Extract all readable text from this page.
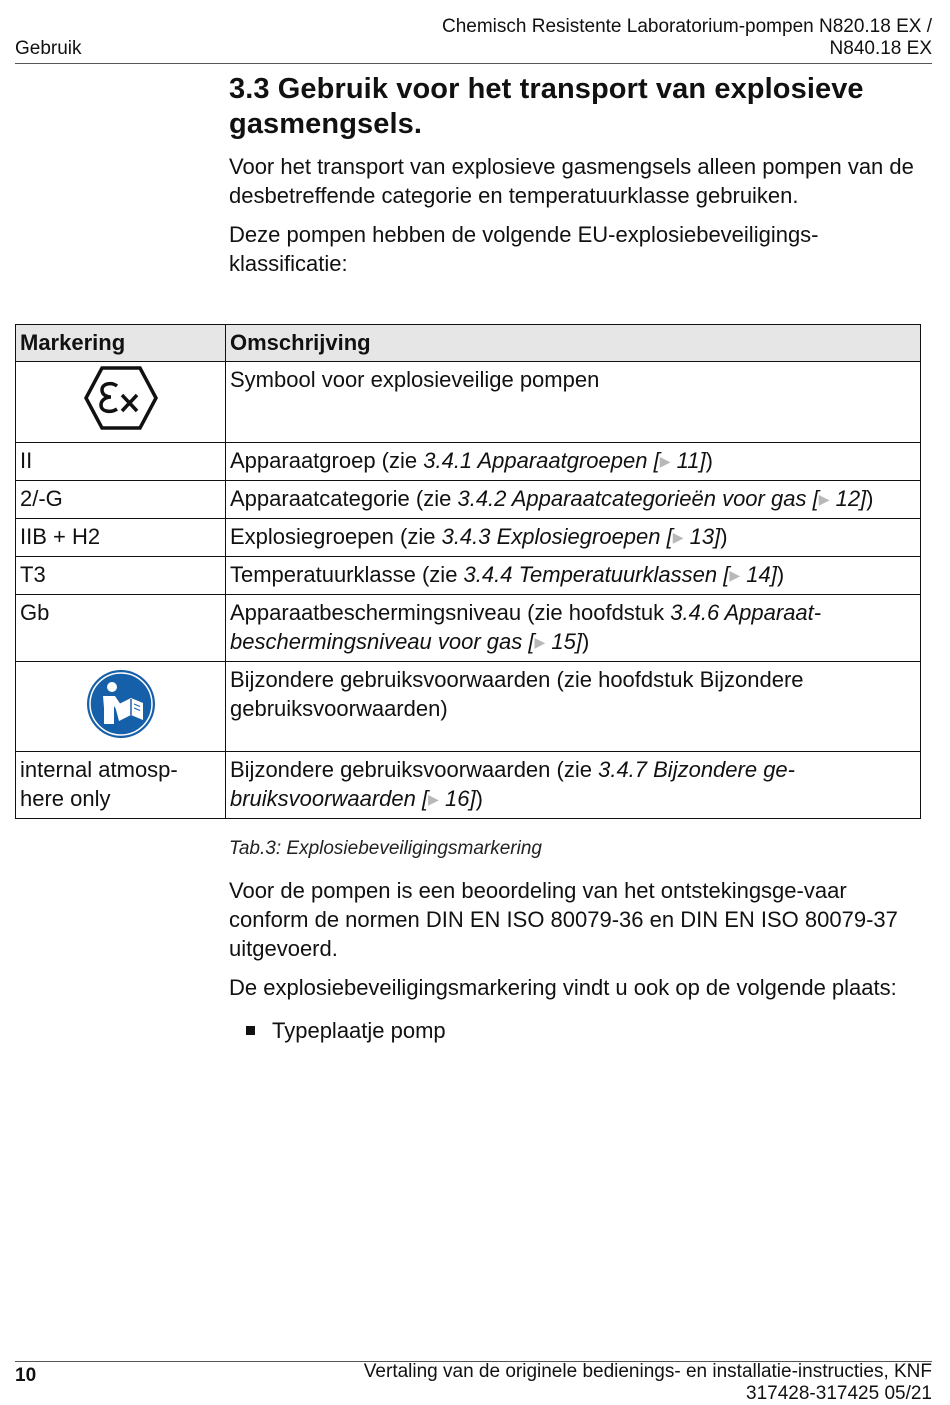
Gebruik
Chemisch Resistente Laboratorium-pompen N820.18 EX /
N840.18 EX
3.3 Gebruik voor het transport van explosieve gasmengsels.

Voor het transport van explosieve gasmengsels alleen pompen van de desbetreffende categorie en temperatuurklasse gebruiken.

Deze pompen hebben de volgende EU-explosiebeveiligings-klassificatie:

Markering	Omschrijving
	Symbool voor explosieveilige pompen
II	Apparaatgroep (zie 3.4.1 Apparaatgroepen [▶ 11])
2/-G	Apparaatcategorie (zie 3.4.2 Apparaatcategorieën voor gas [▶ 12])
IIB + H2	Explosiegroepen (zie 3.4.3 Explosiegroepen [▶ 13])
T3	Temperatuurklasse (zie 3.4.4 Temperatuurklassen [▶ 14])
Gb	Apparaatbeschermingsniveau (zie hoofdstuk 3.4.6 Apparaat-beschermingsniveau voor gas [▶ 15])
	Bijzondere gebruiksvoorwaarden (zie hoofdstuk Bijzondere gebruiksvoorwaarden)
internal atmosp-here only	Bijzondere gebruiksvoorwaarden (zie 3.4.7 Bijzondere ge-bruiksvoorwaarden [▶ 16])
Tab.3: Explosiebeveiligingsmarkering

Voor de pompen is een beoordeling van het ontstekingsge-vaar conform de normen DIN EN ISO 80079-36 en DIN EN ISO 80079-37 uitgevoerd.

De explosiebeveiligingsmarkering vindt u ook op de volgende plaats:

Typeplaatje pomp
10	Vertaling van de originele bedienings- en installatie-instructies, KNF
317428-317425 05/21
